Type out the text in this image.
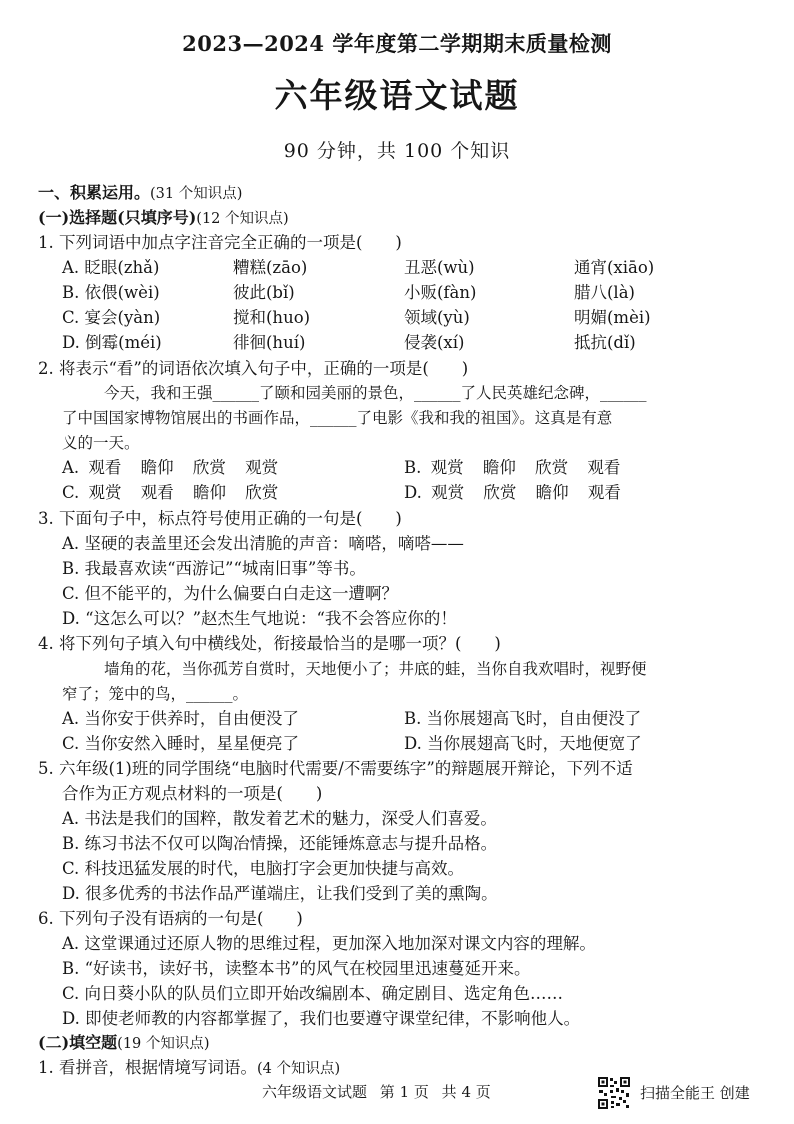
2023—2024 学年度第二学期期末质量检测
六年级语文试题
90 分钟，共 100 个知识
一、积累运用。(31 个知识点)
(一)选择题(只填序号)(12 个知识点)
1. 下列词语中加点字注音完全正确的一项是(　　)
A. 眨眼(zhǎ)	糟糕(zāo)	丑恶(wù)	通宵(xiāo)
B. 依偎(wèi)	彼此(bǐ)	小贩(fàn)	腊八(là)
C. 宴会(yàn)	搅和(huo)	领域(yù)	明媚(mèi)
D. 倒霉(méi)	徘徊(huí)	侵袭(xí)	抵抗(dǐ)
2. 将表示“看”的词语依次填入句子中，正确的一项是(　　)
今天，我和王强______了颐和园美丽的景色，______了人民英雄纪念碑，______
了中国国家博物馆展出的书画作品，______了电影《我和我的祖国》。这真是有意
义的一天。
A. 观看 瞻仰 欣赏 观赏	B. 观赏 瞻仰 欣赏 观看
C. 观赏 观看 瞻仰 欣赏	D. 观赏 欣赏 瞻仰 观看
3. 下面句子中，标点符号使用正确的一句是(　　)
A. 坚硬的表盖里还会发出清脆的声音：嘀嗒，嘀嗒——
B. 我最喜欢读“西游记”“城南旧事”等书。
C. 但不能平的，为什么偏要白白走这一遭啊？
D. “这怎么可以？”赵杰生气地说：“我不会答应你的！
4. 将下列句子填入句中横线处，衔接最恰当的是哪一项？(　　)
墙角的花，当你孤芳自赏时，天地便小了；井底的蛙，当你自我欢唱时，视野便
窄了；笼中的鸟，______。
A. 当你安于供养时，自由便没了	B. 当你展翅高飞时，自由便没了
C. 当你安然入睡时，星星便亮了	D. 当你展翅高飞时，天地便宽了
5. 六年级(1)班的同学围绕“电脑时代需要/不需要练字”的辩题展开辩论，下列不适
合作为正方观点材料的一项是(　　)
A. 书法是我们的国粹，散发着艺术的魅力，深受人们喜爱。
B. 练习书法不仅可以陶冶情操，还能锤炼意志与提升品格。
C. 科技迅猛发展的时代，电脑打字会更加快捷与高效。
D. 很多优秀的书法作品严谨端庄，让我们受到了美的熏陶。
6. 下列句子没有语病的一句是(　　)
A. 这堂课通过还原人物的思维过程，更加深入地加深对课文内容的理解。
B. “好读书，读好书，读整本书”的风气在校园里迅速蔓延开来。
C. 向日葵小队的队员们立即开始改编剧本、确定剧目、选定角色……
D. 即使老师教的内容都掌握了，我们也要遵守课堂纪律，不影响他人。
(二)填空题(19 个知识点)
1. 看拼音，根据情境写词语。(4 个知识点)
六年级语文试题 第 1 页 共 4 页	扫描全能王 创建
